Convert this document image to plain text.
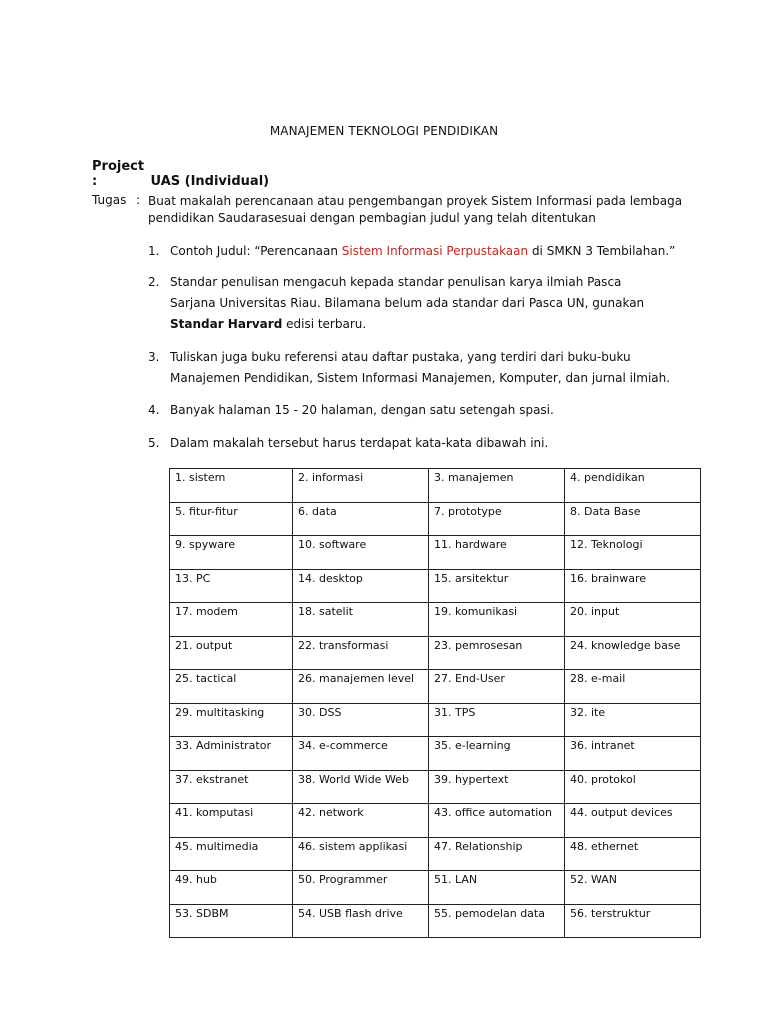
MANAJEMEN TEKNOLOGI PENDIDIKAN
Project :	UAS (Individual)
Tugas : Buat makalah perencanaan atau pengembangan proyek Sistem Informasi pada lembaga pendidikan Saudarasesuai dengan pembagian judul yang telah ditentukan
1. Contoh Judul: “Perencanaan Sistem Informasi Perpustakaan di SMKN 3 Tembilahan.”
2. Standar penulisan mengacuh kepada standar penulisan karya ilmiah Pasca Sarjana Universitas Riau. Bilamana belum ada standar dari Pasca UN, gunakan Standar Harvard edisi terbaru.
3. Tuliskan juga buku referensi atau daftar pustaka, yang terdiri dari buku-buku Manajemen Pendidikan, Sistem Informasi Manajemen, Komputer, dan jurnal ilmiah.
4. Banyak halaman 15 - 20 halaman, dengan satu setengah spasi.
5. Dalam makalah tersebut harus terdapat kata-kata dibawah ini.
1. sistem	2. informasi	3. manajemen	4. pendidikan
5. fitur-fitur	6. data	7. prototype	8. Data Base
9. spyware	10. software	11. hardware	12. Teknologi
13. PC	14. desktop	15. arsitektur	16. brainware
17. modem	18. satelit	19. komunikasi	20. input
21. output	22. transformasi	23. pemrosesan	24. knowledge base
25. tactical	26. manajemen level	27. End-User	28. e-mail
29. multitasking	30. DSS	31. TPS	32. ite
33. Administrator	34. e-commerce	35. e-learning	36. intranet
37. ekstranet	38. World Wide Web	39. hypertext	40. protokol
41. komputasi	42. network	43. office automation	44. output devices
45. multimedia	46. sistem applikasi	47. Relationship	48. ethernet
49. hub	50. Programmer	51. LAN	52. WAN
53. SDBM	54. USB flash drive	55. pemodelan data	56. terstruktur
